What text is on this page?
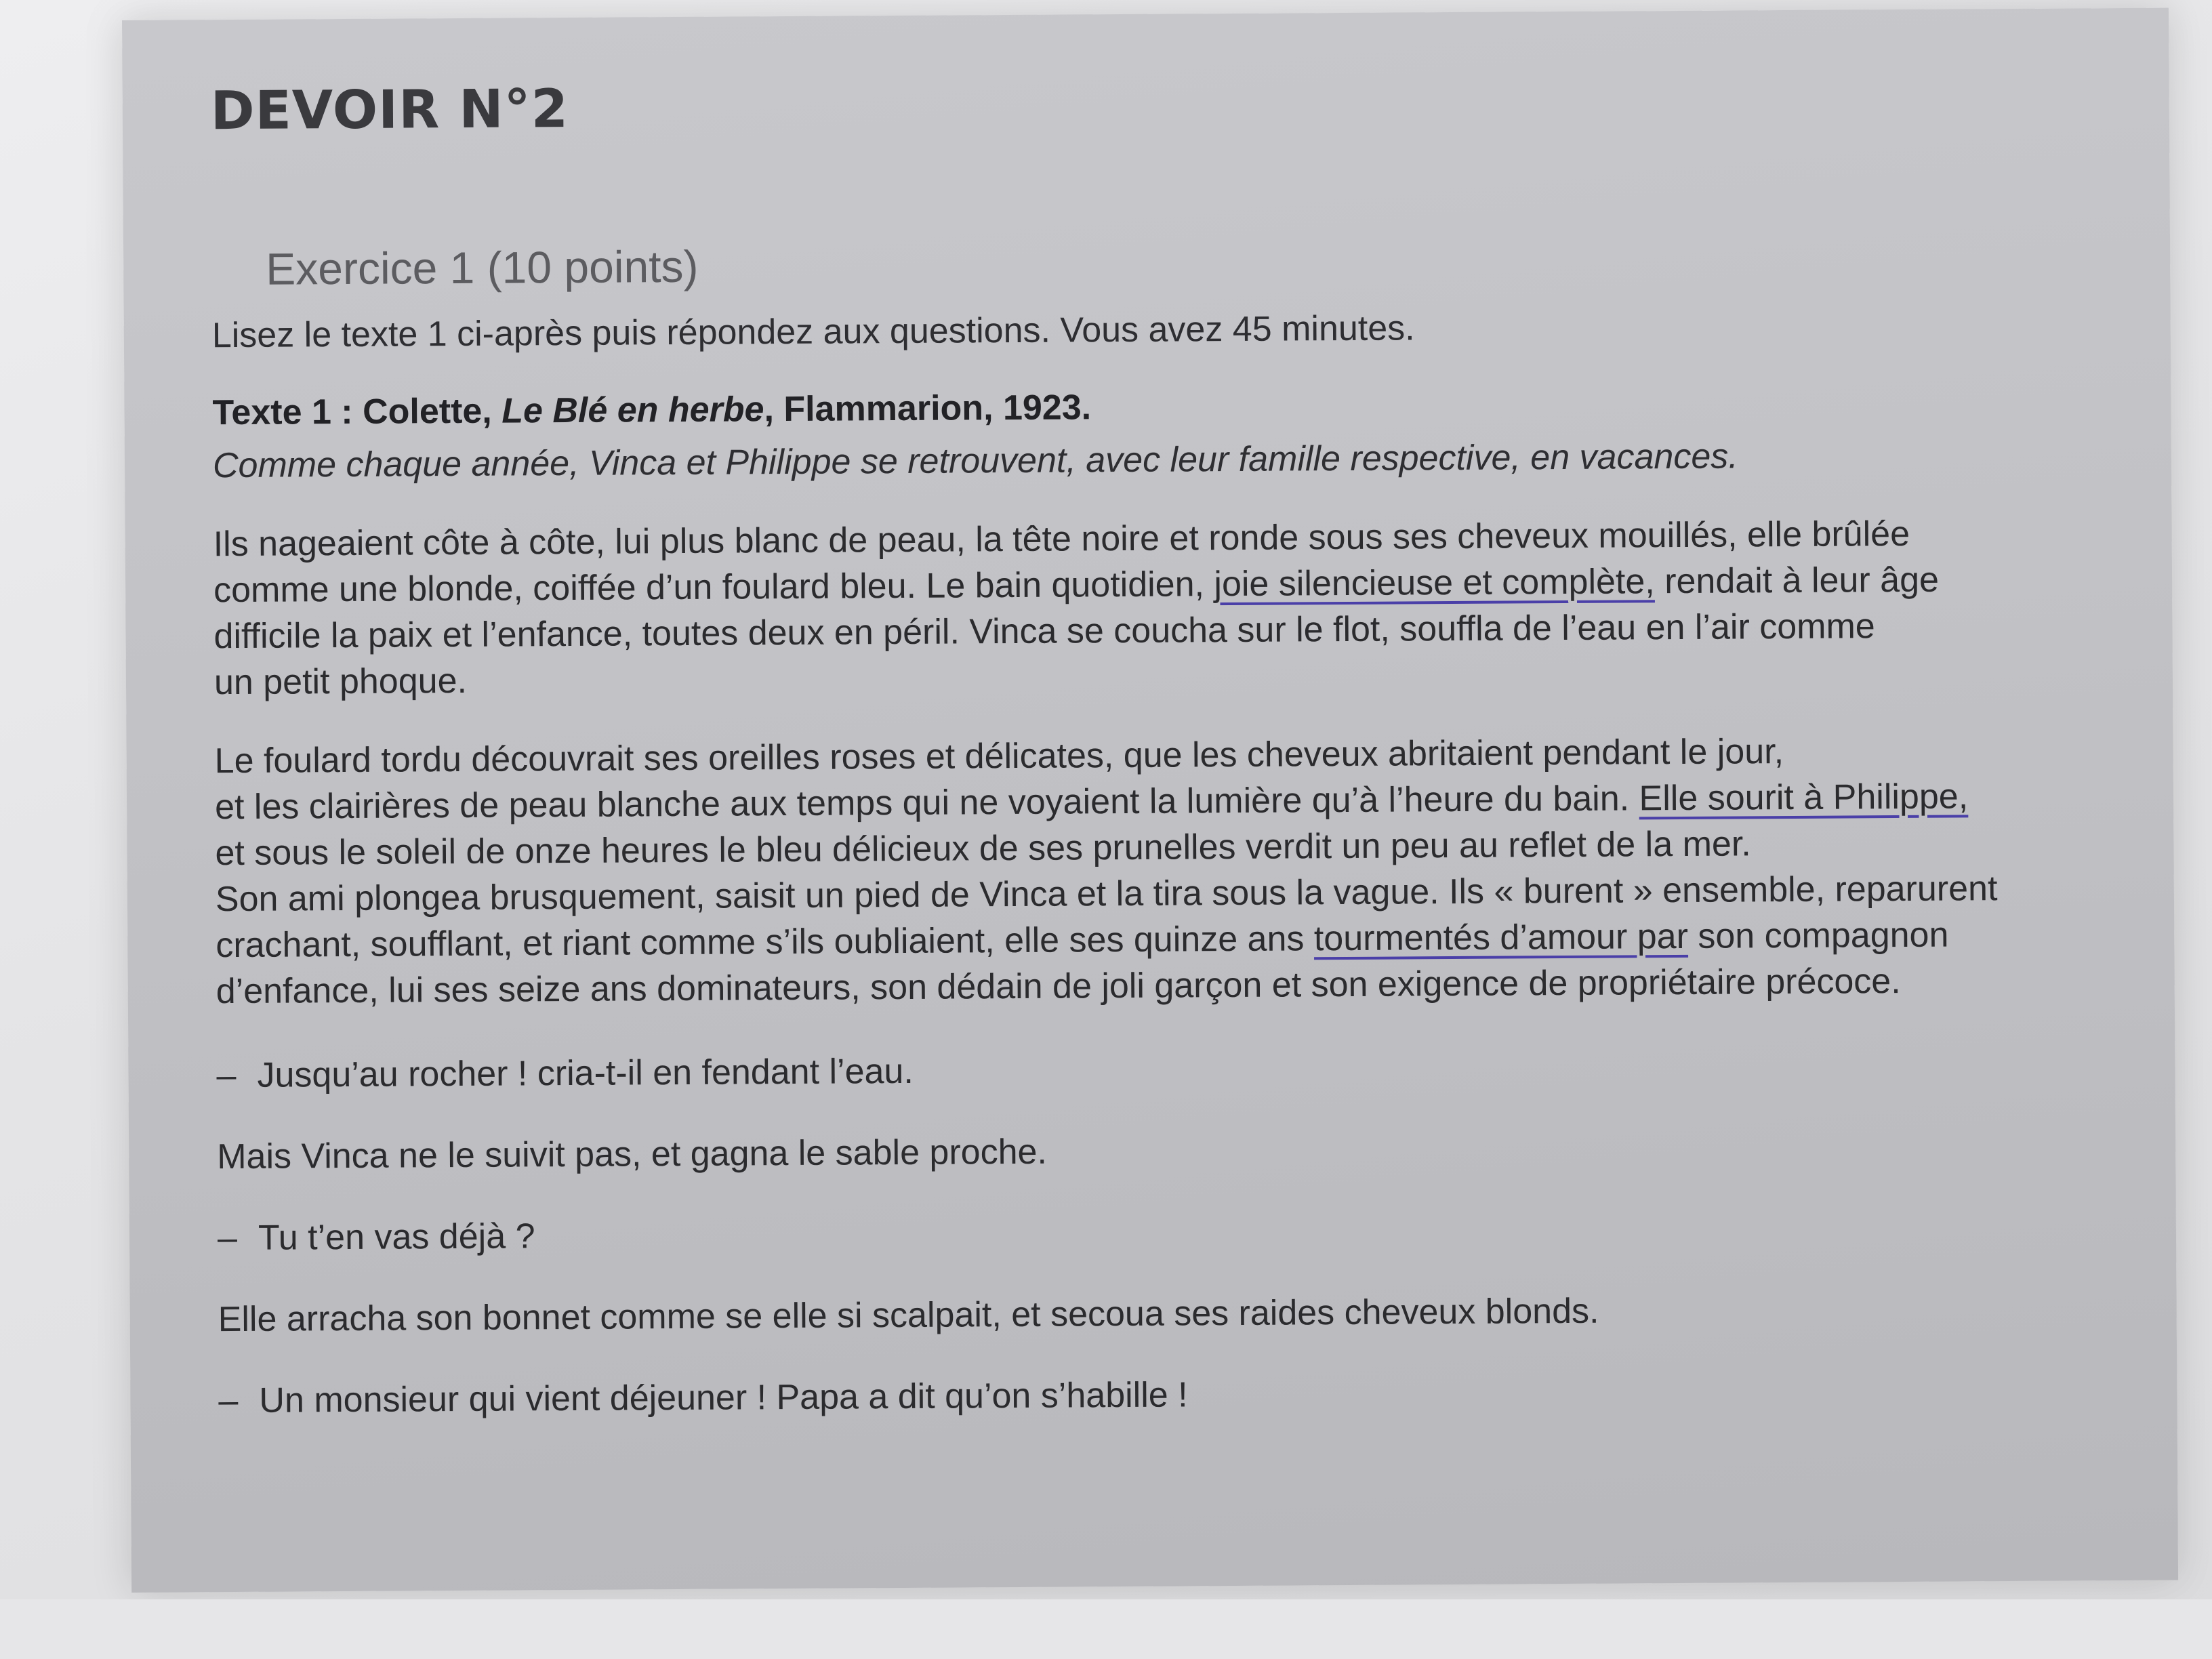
DEVOIR N°2
Exercice 1 (10 points)
Lisez le texte 1 ci-après puis répondez aux questions. Vous avez 45 minutes.
Texte 1 : Colette, Le Blé en herbe, Flammarion, 1923.
Comme chaque année, Vinca et Philippe se retrouvent, avec leur famille respective, en vacances.
Ils nageaient côte à côte, lui plus blanc de peau, la tête noire et ronde sous ses cheveux mouillés, elle brûlée
comme une blonde, coiffée d’un foulard bleu. Le bain quotidien, joie silencieuse et complète, rendait à leur âge
difficile la paix et l’enfance, toutes deux en péril. Vinca se coucha sur le flot, souffla de l’eau en l’air comme
un petit phoque.
Le foulard tordu découvrait ses oreilles roses et délicates, que les cheveux abritaient pendant le jour,
et les clairières de peau blanche aux temps qui ne voyaient la lumière qu’à l’heure du bain. Elle sourit à Philippe,
et sous le soleil de onze heures le bleu délicieux de ses prunelles verdit un peu au reflet de la mer.
Son ami plongea brusquement, saisit un pied de Vinca et la tira sous la vague. Ils « burent » ensemble, reparurent
crachant, soufflant, et riant comme s’ils oubliaient, elle ses quinze ans tourmentés d’amour par son compagnon
d’enfance, lui ses seize ans dominateurs, son dédain de joli garçon et son exigence de propriétaire précoce.
– Jusqu’au rocher ! cria-t-il en fendant l’eau.
Mais Vinca ne le suivit pas, et gagna le sable proche.
– Tu t’en vas déjà ?
Elle arracha son bonnet comme se elle si scalpait, et secoua ses raides cheveux blonds.
– Un monsieur qui vient déjeuner ! Papa a dit qu’on s’habille !
